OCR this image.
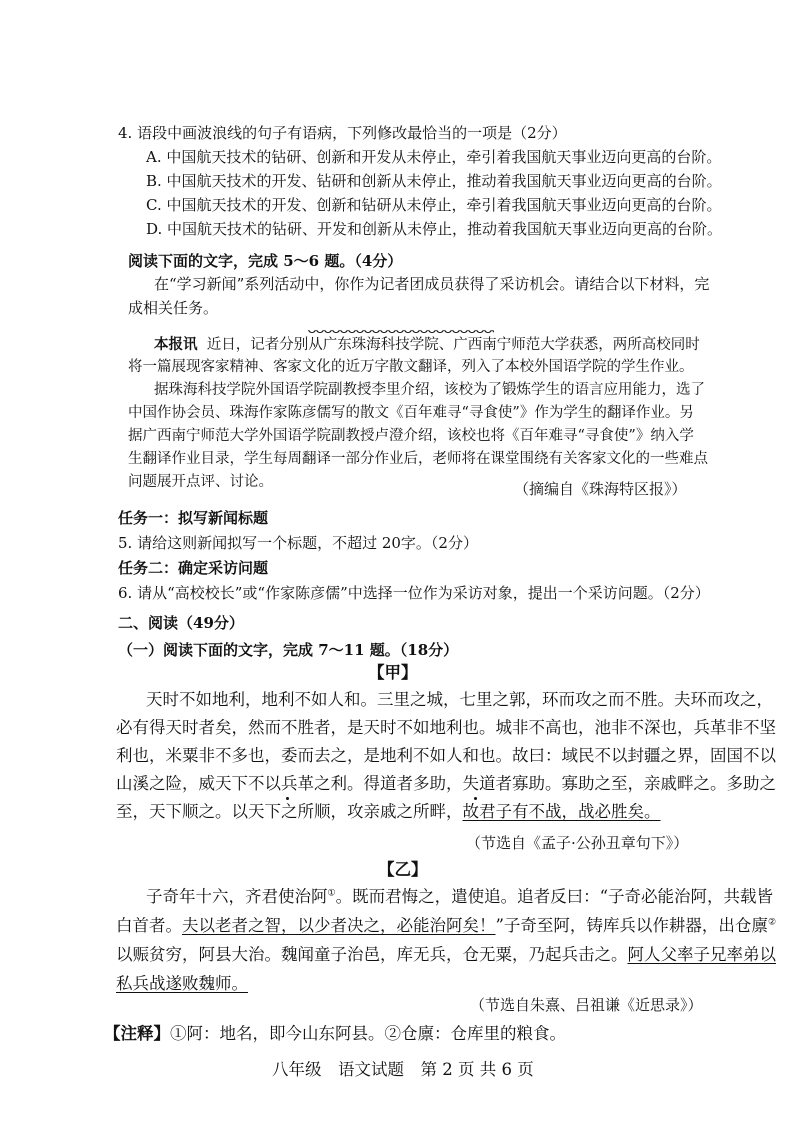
4. 语段中画波浪线的句子有语病，下列修改最恰当的一项是（2分）
A. 中国航天技术的钻研、创新和开发从未停止，牵引着我国航天事业迈向更高的台阶。
B. 中国航天技术的开发、钻研和创新从未停止，推动着我国航天事业迈向更高的台阶。
C. 中国航天技术的开发、创新和钻研从未停止，牵引着我国航天事业迈向更高的台阶。
D. 中国航天技术的钻研、开发和创新从未停止，推动着我国航天事业迈向更高的台阶。
阅读下面的文字，完成 5～6 题。（4分）
在“学习新闻”系列活动中，你作为记者团成员获得了采访机会。请结合以下材料，完
成相关任务。
本报讯 近日，记者分别从广东珠海科技学院、广西南宁师范大学获悉，两所高校同时
将一篇展现客家精神、客家文化的近万字散文翻译，列入了本校外国语学院的学生作业。
据珠海科技学院外国语学院副教授李里介绍，该校为了锻炼学生的语言应用能力，选了
中国作协会员、珠海作家陈彦儒写的散文《百年难寻“寻食使”》作为学生的翻译作业。另
据广西南宁师范大学外国语学院副教授卢澄介绍，该校也将《百年难寻“寻食使”》纳入学
生翻译作业目录，学生每周翻译一部分作业后，老师将在课堂围绕有关客家文化的一些难点
问题展开点评、讨论。	（摘编自《珠海特区报》）
任务一：拟写新闻标题
5. 请给这则新闻拟写一个标题，不超过 20字。（2分）
任务二：确定采访问题
6. 请从“高校校长”或“作家陈彦儒”中选择一位作为采访对象，提出一个采访问题。（2分）
二、阅读（49分）
（一）阅读下面的文字，完成 7～11 题。（18分）
【甲】
天时不如地利，地利不如人和。三里之城，七里之郭，环而攻之而不胜。夫环而攻之，
必有得天时者矣，然而不胜者，是天时不如地利也。城非不高也，池非不深也，兵革非不坚
利也，米粟非不多也，委而去之，是地利不如人和也。故曰：域民不以封疆之界，固国不以
山溪之险，威天下不以兵革之利。得道者多助，失道者寡助。寡助之至，亲戚畔之。多助之
至，天下顺之。以天下之所顺，攻亲戚之所畔，故君子有不战，战必胜矣。
（节选自《孟子·公孙丑章句下》）
【乙】
子奇年十六，齐君使治阿①。既而君悔之，遣使追。追者反曰：“子奇必能治阿，共载皆
白首者。夫以老者之智，以少者决之，必能治阿矣！”子奇至阿，铸库兵以作耕器，出仓廪②
以赈贫穷，阿县大治。魏闻童子治邑，库无兵，仓无粟，乃起兵击之。阿人父率子兄率弟以
私兵战遂败魏师。
（节选自朱熹、吕祖谦《近思录》）
【注释】①阿：地名，即今山东阿县。②仓廪：仓库里的粮食。
八年级　语文试题　第 2 页 共 6 页
